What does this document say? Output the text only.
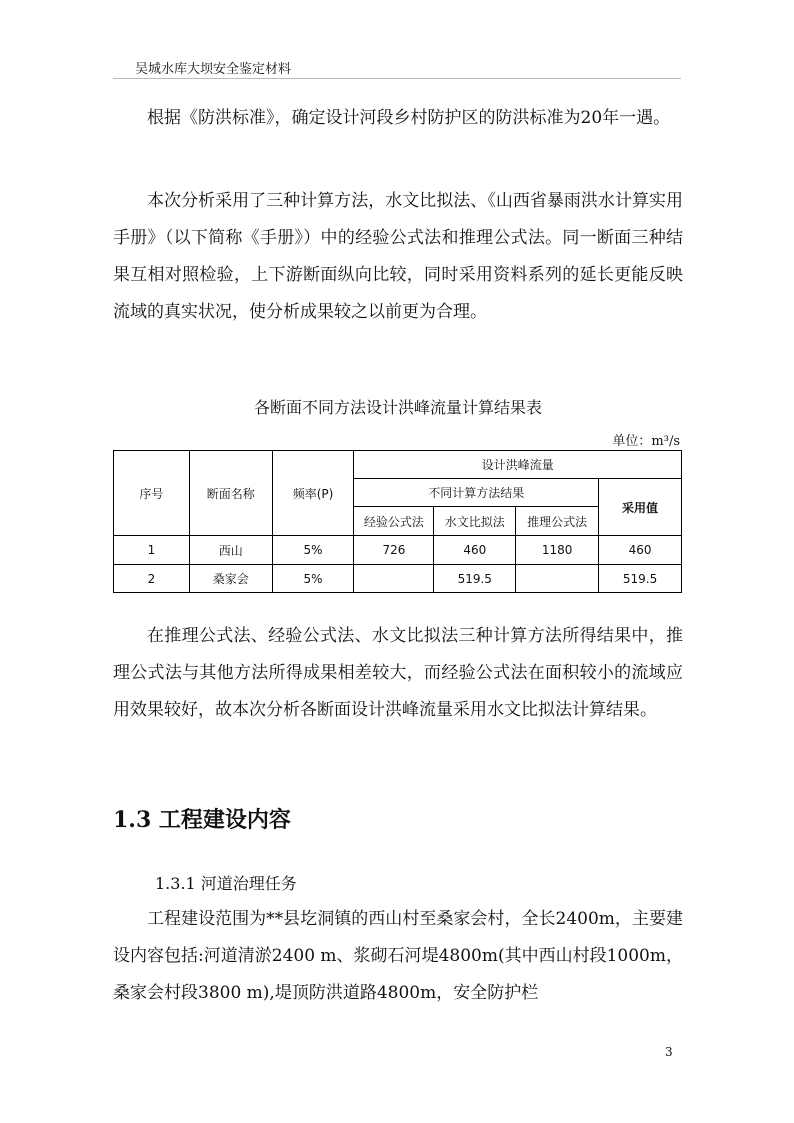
吴城水库大坝安全鉴定材料

根据《防洪标准》，确定设计河段乡村防护区的防洪标准为20年一遇。

本次分析采用了三种计算方法，水文比拟法、《山西省暴雨洪水计算实用手册》（以下简称《手册》）中的经验公式法和推理公式法。同一断面三种结果互相对照检验，上下游断面纵向比较，同时采用资料系列的延长更能反映流域的真实状况，使分析成果较之以前更为合理。

各断面不同方法设计洪峰流量计算结果表
单位：m³/s
序号	断面名称	频率(P)	设计洪峰流量			
			不同计算方法结果			采用值
			经验公式法	水文比拟法	推理公式法	
1	西山	5%	726	460	1180	460
2	桑家会	5%		519.5		519.5

在推理公式法、经验公式法、水文比拟法三种计算方法所得结果中，推理公式法与其他方法所得成果相差较大，而经验公式法在面积较小的流域应用效果较好，故本次分析各断面设计洪峰流量采用水文比拟法计算结果。

1.3 工程建设内容
1.3.1 河道治理任务

工程建设范围为**县圪洞镇的西山村至桑家会村，全长2400m，主要建设内容包括:河道清淤2400 m、浆砌石河堤4800m(其中西山村段1000m，桑家会村段3800 m),堤顶防洪道路4800m，安全防护栏

3
